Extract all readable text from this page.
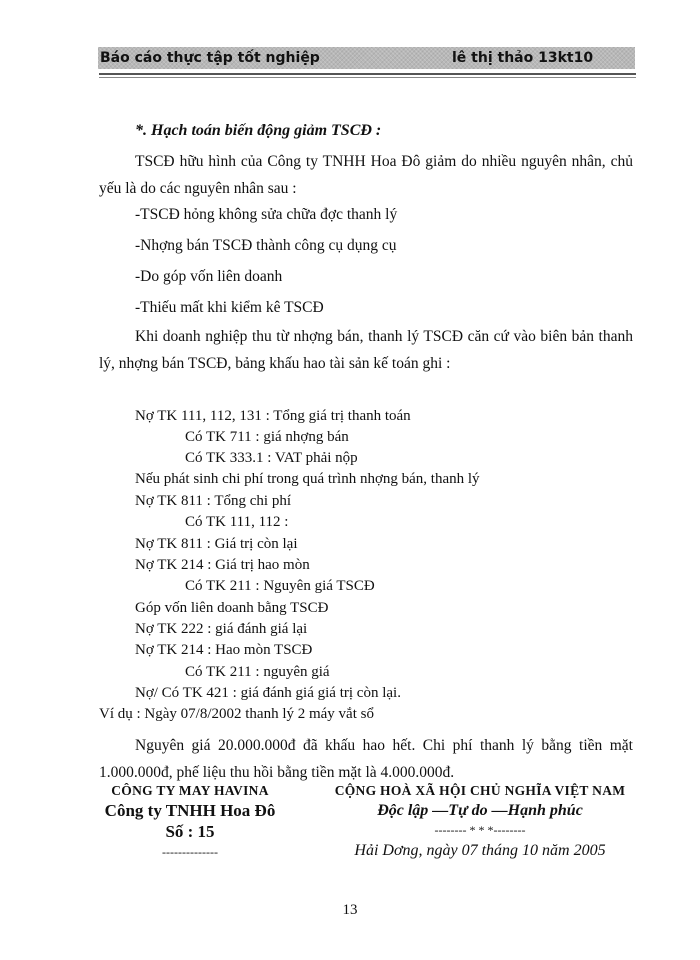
Báo cáo thực tập tốt nghiệp	lê thị thảo 13kt10
*. Hạch toán biến động giảm TSCĐ :
TSCĐ hữu hình của Công ty TNHH Hoa Đô giảm do nhiều nguyên nhân, chủ yếu là do các nguyên nhân sau :
-TSCĐ hỏng không sửa chữa đợc thanh lý
-Nhợng bán TSCĐ thành công cụ dụng cụ
-Do góp vốn liên doanh
-Thiếu mất khi kiểm kê TSCĐ
Khi doanh nghiệp thu từ nhợng bán, thanh lý TSCĐ căn cứ vào biên bản thanh lý, nhợng bán TSCĐ, bảng khấu hao tài sản kế toán ghi :
Nợ TK 111, 112, 131 : Tổng giá trị thanh toán
Có TK 711 : giá nhợng bán
Có TK 333.1 : VAT phải nộp
Nếu phát sinh chi phí trong quá trình nhợng bán, thanh lý
Nợ TK 811 : Tổng chi phí
Có TK 111, 112 :
Nợ TK 811 : Giá trị còn lại
Nợ TK 214 : Giá trị hao mòn
Có TK 211 : Nguyên giá TSCĐ
Góp vốn liên doanh bằng TSCĐ
Nợ TK 222 : giá đánh giá lại
Nợ TK 214 : Hao mòn TSCĐ
Có TK 211 : nguyên giá
Nợ/ Có TK 421 : giá đánh giá giá trị còn lại.
Ví dụ : Ngày 07/8/2002 thanh lý 2 máy vắt sổ
Nguyên giá 20.000.000đ đã khấu hao hết. Chi phí thanh lý bằng tiền mặt 1.000.000đ, phế liệu thu hồi bằng tiền mặt là 4.000.000đ.
CÔNG TY MAY HAVINA
Công ty TNHH Hoa Đô
Số : 15
--------------
CỘNG HOÀ XÃ HỘI CHỦ NGHĨA VIỆT NAM
Độc lập —Tự do —Hạnh phúc
-------- * * *--------
Hải Dơng, ngày 07 tháng 10 năm 2005
13
